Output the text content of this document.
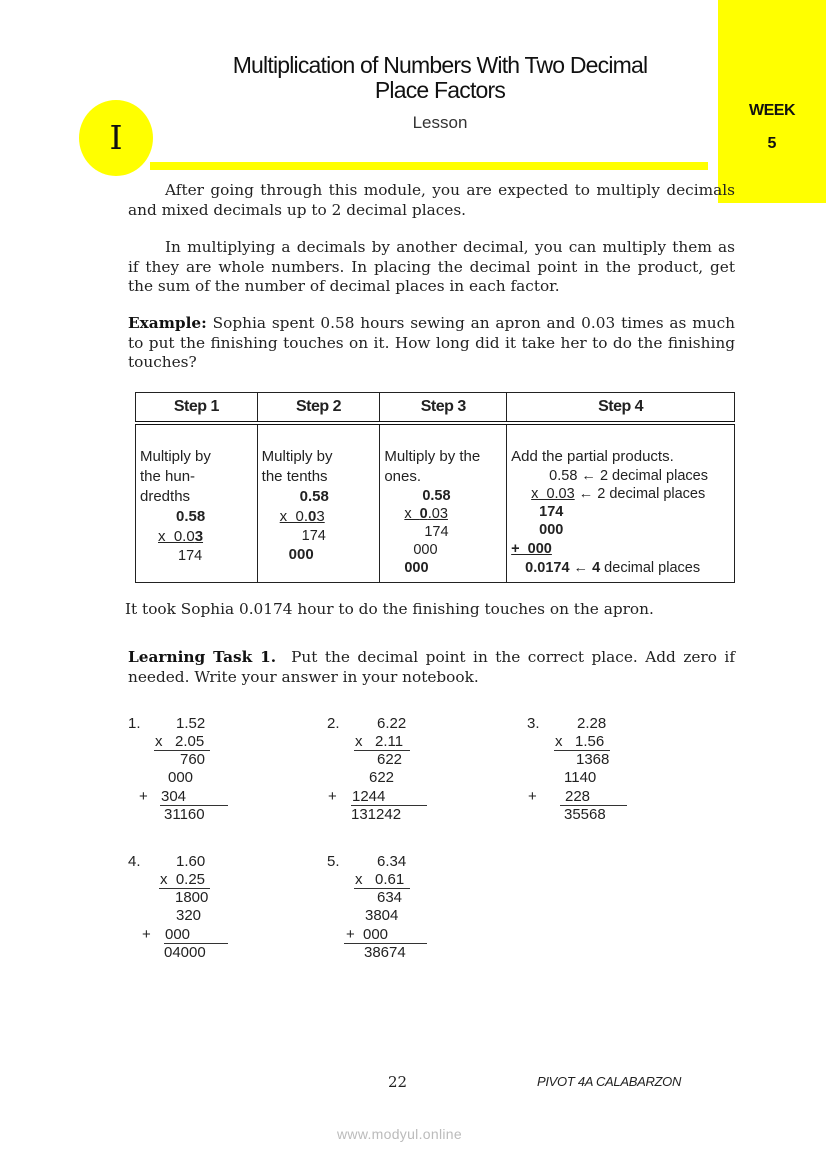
WEEK
5
Multiplication of Numbers With Two Decimal
Place Factors
Lesson
I

After going through this module, you are expected to multiply decimals and mixed decimals up to 2 decimal places.

In multiplying a decimals by another decimal, you can multiply them as if they are whole numbers. In placing the decimal point in the product, get the sum of the number of decimal places in each factor.

Example: Sophia spent 0.58 hours sewing an apron and 0.03 times as much to put the finishing touches on it. How long did it take her to do the finishing touches?

Step 1	Step 2	Step 3	Step 4

Multiply by
the hun-
dredths
0.58
x  0.03
174

Multiply by
the tenths
0.58
x  0.03
174
000

Multiply by the
ones.
0.58
x  0.03
174
000
000

Add the partial products.
0.58 ← 2 decimal places
x  0.03 ← 2 decimal places
174
000
+  000
0.0174 ← 4 decimal places

It took Sophia 0.0174 hour to do the finishing touches on the apron.

Learning Task 1. Put the decimal point in the correct place. Add zero if needed. Write your answer in your notebook.

1. 1.52
x   2.05
760
000
+ 304
31160
2. 6.22
x   2.11
622
622
+ 1244
131242
3. 2.28
x   1.56
1368
1140
+ 228
35568
4. 1.60
x  0.25
1800
320
+ 000
04000
5. 6.34
x   0.61
634
3804
+ 000
38674
22	PIVOT 4A CALABARZON
www.modyul.online
